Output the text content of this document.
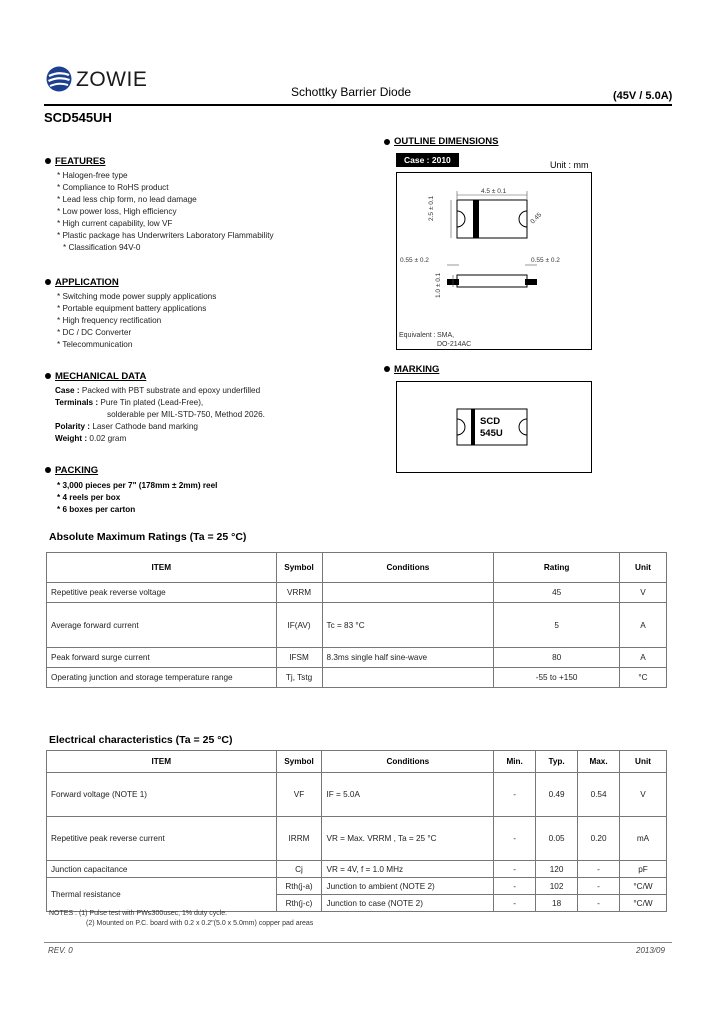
ZOWIE
Schottky Barrier Diode	(45V / 5.0A)
SCD545UH
FEATURES
* Halogen-free type
* Compliance to RoHS product
* Lead less chip form, no lead damage
* Low power loss, High efficiency
* High current capability, low VF
* Plastic package has Underwriters Laboratory Flammability
* Classification 94V-0
APPLICATION
* Switching mode power supply applications
* Portable equipment battery applications
* High frequency rectification
* DC / DC Converter
* Telecommunication
MECHANICAL DATA
Case : Packed with PBT substrate and epoxy underfilled
Terminals : Pure Tin plated (Lead-Free),
solderable per MIL-STD-750, Method 2026.
Polarity : Laser Cathode band marking
Weight : 0.02 gram
PACKING
* 3,000 pieces per 7" (178mm ± 2mm) reel
* 4 reels per box
* 6 boxes per carton
OUTLINE DIMENSIONS
Case : 2010	Unit : mm
4.5 ± 0.1
2.5 ± 0.1	0.45
0.55 ± 0.2	0.55 ± 0.2
1.0 ± 0.1
Equivalent : SMA,
DO-214AC
MARKING
SCD
545U
Absolute Maximum Ratings (Ta = 25 °C)
ITEM	Symbol	Conditions	Rating	Unit
Repetitive peak reverse voltage	VRRM		45	V
Average forward current	IF(AV)	Tc = 83 °C	5	A
Peak forward surge current	IFSM	8.3ms single half sine-wave	80	A
Operating junction and storage temperature range	Tj, Tstg		-55 to +150	°C
Electrical characteristics (Ta = 25 °C)
ITEM	Symbol	Conditions	Min.	Typ.	Max.	Unit
Forward voltage (NOTE 1)	VF	IF = 5.0A	-	0.49	0.54	V
Repetitive peak reverse current	IRRM	VR = Max. VRRM , Ta = 25 °C	-	0.05	0.20	mA
Junction capacitance	Cj	VR = 4V, f = 1.0 MHz	-	120	-	pF
Thermal resistance	Rth(j-a)	Junction to ambient (NOTE 2)	-	102	-	°C/W
	Rth(j-c)	Junction to case (NOTE 2)	-	18	-	°C/W
NOTES : (1) Pulse test with PW≤300usec, 1% duty cycle.
(2) Mounted on P.C. board with 0.2 x 0.2"(5.0 x 5.0mm) copper pad areas
REV. 0	2013/09
